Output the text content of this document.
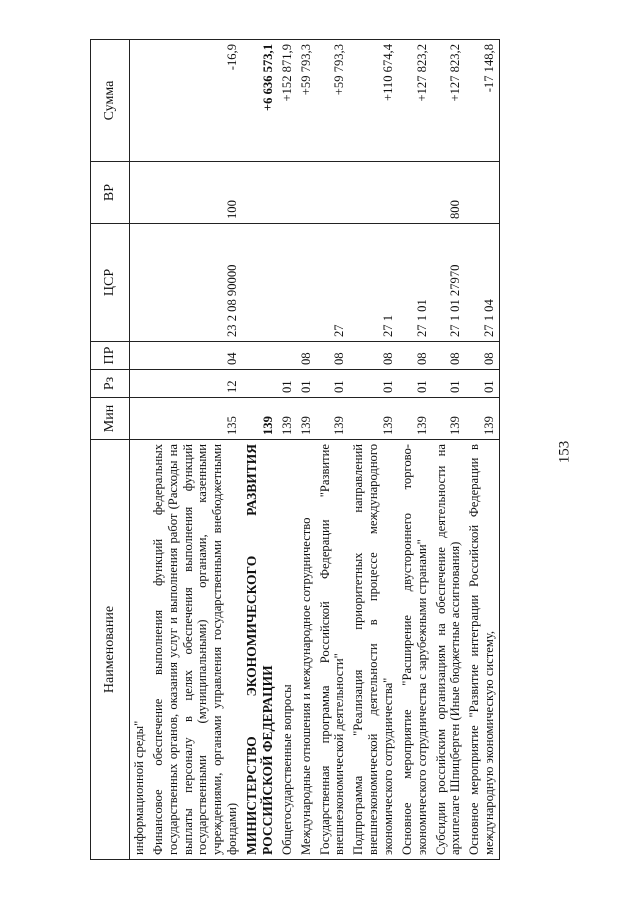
153
Наименование	Мин	Рз	ПР	ЦСР	ВР	Сумма
информационной среды"						
Финансовое обеспечение выполнения функций федеральных государственных органов, оказания услуг и выполнения работ (Расходы на выплаты персоналу в целях обеспечения выполнения функций государственными (муниципальными) органами, казенными учреждениями, органами управления государственными внебюджетными фондами)	135	12	04	23 2 08 90000	100	-16,9
МИНИСТЕРСТВО ЭКОНОМИЧЕСКОГО РАЗВИТИЯ РОССИЙСКОЙ ФЕДЕРАЦИИ	139					+6 636 573,1
Общегосударственные вопросы	139	01				+152 871,9
Международные отношения и международное сотрудничество	139	01	08			+59 793,3
Государственная программа Российской Федерации "Развитие внешнеэкономической деятельности"	139	01	08	27		+59 793,3
Подпрограмма "Реализация приоритетных направлений внешнеэкономической деятельности в процессе международного экономического сотрудничества"	139	01	08	27 1		+110 674,4
Основное мероприятие "Расширение двустороннего торгово-экономического сотрудничества с зарубежными странами"	139	01	08	27 1 01		+127 823,2
Субсидии российским организациям на обеспечение деятельности на архипелаге Шпицберген (Иные бюджетные ассигнования)	139	01	08	27 1 01 27970	800	+127 823,2
Основное мероприятие "Развитие интеграции Российской Федерации в международную экономическую систему,	139	01	08	27 1 04		-17 148,8
